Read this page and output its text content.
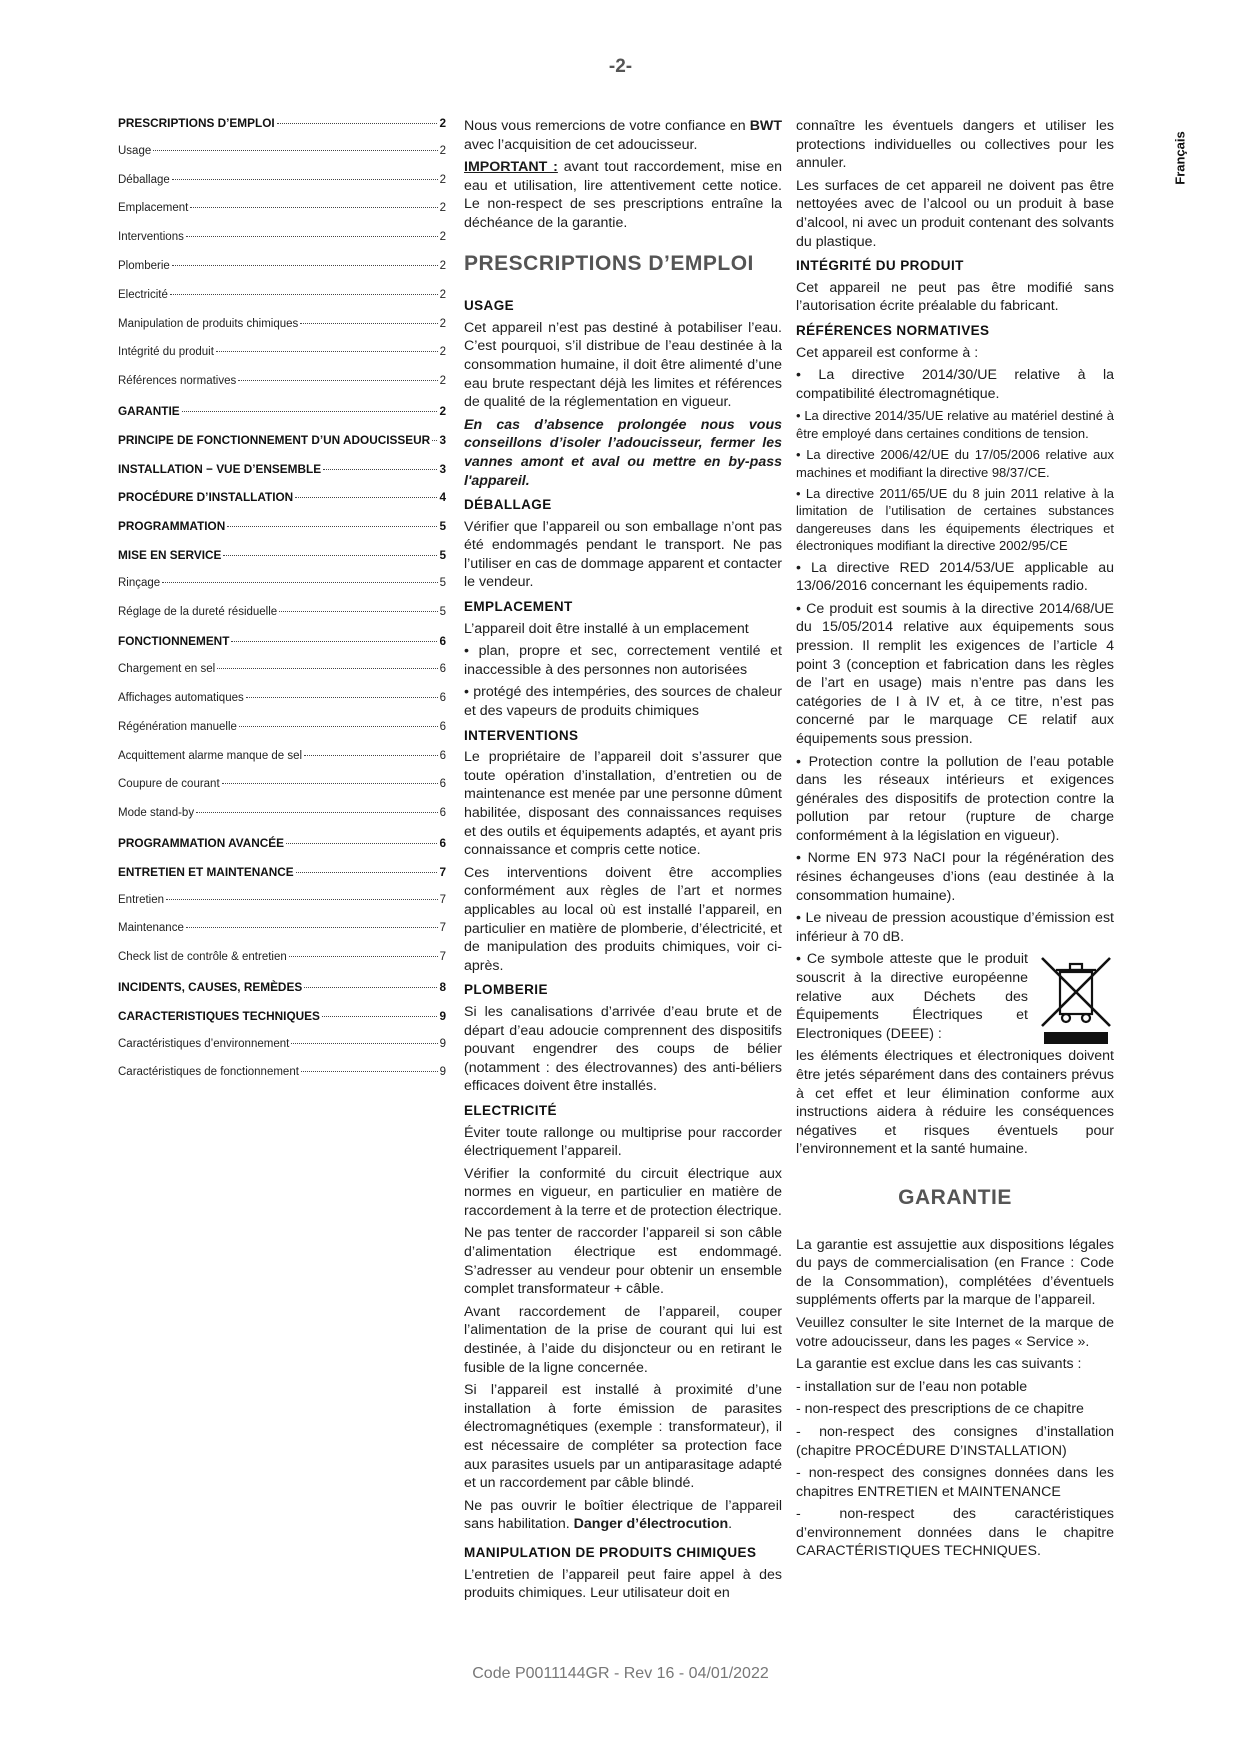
-2-
Français
PRESCRIPTIONS D’EMPLOI	2
Usage	2
Déballage	2
Emplacement	2
Interventions	2
Plomberie	2
Electricité	2
Manipulation de produits chimiques	2
Intégrité du produit	2
Références normatives	2
GARANTIE	2
PRINCIPE DE FONCTIONNEMENT D’UN ADOUCISSEUR 3
INSTALLATION − VUE D’ENSEMBLE	3
PROCÉDURE D’INSTALLATION	4
PROGRAMMATION	5
MISE EN SERVICE	5
Rinçage	5
Réglage de la dureté résiduelle	5
FONCTIONNEMENT	6
Chargement en sel	6
Affichages automatiques	6
Régénération manuelle	6
Acquittement alarme manque de sel	6
Coupure de courant	6
Mode stand-by	6
PROGRAMMATION AVANCÉE	6
ENTRETIEN ET MAINTENANCE	7
Entretien	7
Maintenance	7
Check list de contrôle & entretien	7
INCIDENTS, CAUSES, REMÈDES	8
CARACTERISTIQUES TECHNIQUES	9
Caractéristiques d’environnement	9
Caractéristiques de fonctionnement	9

Nous vous remercions de votre confiance en BWT avec l’acquisition de cet adoucisseur.

IMPORTANT : avant tout raccordement, mise en eau et utilisation, lire attentivement cette notice. Le non-respect de ses prescriptions entraîne la déchéance de la garantie.

PRESCRIPTIONS D’EMPLOI
USAGE

Cet appareil n’est pas destiné à potabiliser l’eau. C’est pourquoi, s’il distribue de l’eau destinée à la consommation humaine, il doit être alimenté d’une eau brute respectant déjà les limites et références de qualité de la réglementation en vigueur.

En cas d’absence prolongée nous vous conseillons d’isoler l’adoucisseur, fermer les vannes amont et aval ou mettre en by-pass l'appareil.

DÉBALLAGE

Vérifier que l’appareil ou son emballage n’ont pas été endommagés pendant le transport. Ne pas l’utiliser en cas de dommage apparent et contacter le vendeur.

EMPLACEMENT

L’appareil doit être installé à un emplacement

• plan, propre et sec, correctement ventilé et inaccessible à des personnes non autorisées

• protégé des intempéries, des sources de chaleur et des vapeurs de produits chimiques

INTERVENTIONS

Le propriétaire de l’appareil doit s’assurer que toute opération d’installation, d’entretien ou de maintenance est menée par une personne dûment habilitée, disposant des connaissances requises et des outils et équipements adaptés, et ayant pris connaissance et compris cette notice.

Ces interventions doivent être accomplies conformément aux règles de l’art et normes applicables au local où est installé l’appareil, en particulier en matière de plomberie, d’électricité, et de manipulation des produits chimiques, voir ci-après.

PLOMBERIE

Si les canalisations d’arrivée d’eau brute et de départ d’eau adoucie comprennent des dispositifs pouvant engendrer des coups de bélier (notamment : des électrovannes) des anti-béliers efficaces doivent être installés.

ELECTRICITÉ

Éviter toute rallonge ou multiprise pour raccorder électriquement l’appareil.

Vérifier la conformité du circuit électrique aux normes en vigueur, en particulier en matière de raccordement à la terre et de protection électrique.

Ne pas tenter de raccorder l’appareil si son câble d’alimentation électrique est endommagé. S’adresser au vendeur pour obtenir un ensemble complet transformateur + câble.

Avant raccordement de l’appareil, couper l’alimentation de la prise de courant qui lui est destinée, à l’aide du disjoncteur ou en retirant le fusible de la ligne concernée.

Si l’appareil est installé à proximité d’une installation à forte émission de parasites électromagnétiques (exemple : transformateur), il est nécessaire de compléter sa protection face aux parasites usuels par un antiparasitage adapté et un raccordement par câble blindé.

Ne pas ouvrir le boîtier électrique de l’appareil sans habilitation. Danger d’électrocution.

MANIPULATION DE PRODUITS CHIMIQUES

L’entretien de l’appareil peut faire appel à des produits chimiques. Leur utilisateur doit en

connaître les éventuels dangers et utiliser les protections individuelles ou collectives pour les annuler.

Les surfaces de cet appareil ne doivent pas être nettoyées avec de l’alcool ou un produit à base d’alcool, ni avec un produit contenant des solvants du plastique.

INTÉGRITÉ DU PRODUIT

Cet appareil ne peut pas être modifié sans l’autorisation écrite préalable du fabricant.

RÉFÉRENCES NORMATIVES

Cet appareil est conforme à :

• La directive 2014/30/UE relative à la compatibilité électromagnétique.

• La directive 2014/35/UE relative au matériel destiné à être employé dans certaines conditions de tension.

• La directive 2006/42/UE du 17/05/2006 relative aux machines et modifiant la directive 98/37/CE.

• La directive 2011/65/UE du 8 juin 2011 relative à la limitation de l’utilisation de certaines substances dangereuses dans les équipements électriques et électroniques modifiant la directive 2002/95/CE

• La directive RED 2014/53/UE applicable au 13/06/2016 concernant les équipements radio.

• Ce produit est soumis à la directive 2014/68/UE du 15/05/2014 relative aux équipements sous pression. Il remplit les exigences de l’article 4 point 3 (conception et fabrication dans les règles de l’art en usage) mais n’entre pas dans les catégories de I à IV et, à ce titre, n’est pas concerné par le marquage CE relatif aux équipements sous pression.

• Protection contre la pollution de l’eau potable dans les réseaux intérieurs et exigences générales des dispositifs de protection contre la pollution par retour (rupture de charge conformément à la législation en vigueur).

• Norme EN 973 NaCI pour la régénération des résines échangeuses d’ions (eau destinée à la consommation humaine).

• Le niveau de pression acoustique d’émission est inférieur à 70 dB.

• Ce symbole atteste que le produit souscrit à la directive européenne relative aux Déchets des Équipements Électriques et Electroniques (DEEE) :

les éléments électriques et électroniques doivent être jetés séparément dans des containers prévus à cet effet et leur élimination conforme aux instructions aidera à réduire les conséquences négatives et risques éventuels pour l’environnement et la santé humaine.

GARANTIE

La garantie est assujettie aux dispositions légales du pays de commercialisation (en France : Code de la Consommation), complétées d’éventuels suppléments offerts par la marque de l’appareil.

Veuillez consulter le site Internet de la marque de votre adoucisseur, dans les pages « Service ».

La garantie est exclue dans les cas suivants :

- installation sur de l’eau non potable

- non-respect des prescriptions de ce chapitre

- non-respect des consignes d’installation (chapitre PROCÉDURE D’INSTALLATION)

- non-respect des consignes données dans les chapitres ENTRETIEN et MAINTENANCE

- non-respect des caractéristiques d’environnement données dans le chapitre CARACTÉRISTIQUES TECHNIQUES.

Code P0011144GR - Rev 16 - 04/01/2022
